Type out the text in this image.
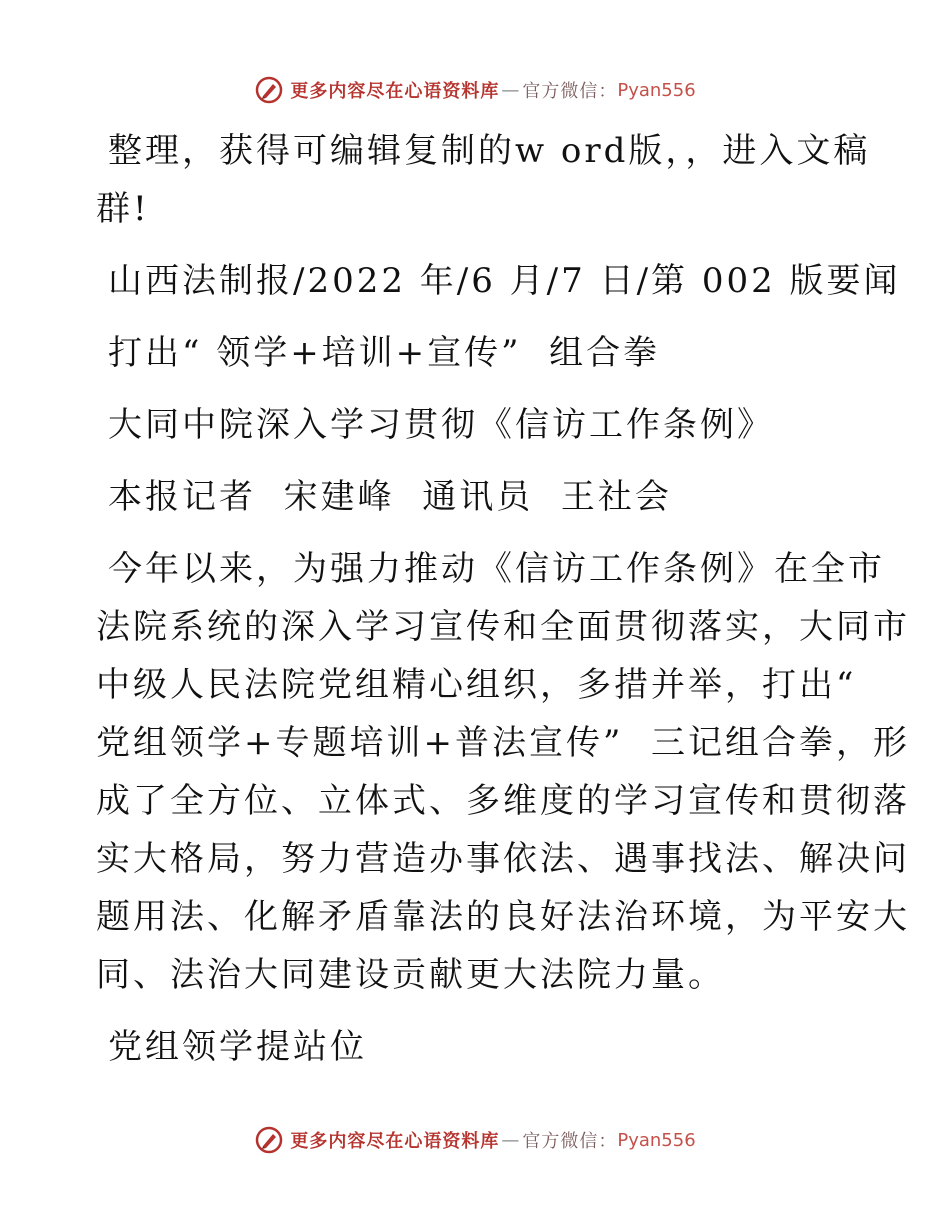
更多内容尽在心语资料库 — 官方微信： Pyan556

整理，获得可编辑复制的w ord版，，进入文稿

群!

山西法制报/2022 年/6 月/7 日/第 002 版要闻

打出“ 领学+培训+宣传”  组合拳

大同中院深入学习贯彻《信访工作条例》

本报记者  宋建峰  通讯员  王社会

今年以来，为强力推动《信访工作条例》在全市

法院系统的深入学习宣传和全面贯彻落实，大同市

中级人民法院党组精心组织，多措并举，打出“

党组领学+专题培训+普法宣传”  三记组合拳，形

成了全方位、立体式、多维度的学习宣传和贯彻落

实大格局，努力营造办事依法、遇事找法、解决问

题用法、化解矛盾靠法的良好法治环境，为平安大

同、法治大同建设贡献更大法院力量。

党组领学提站位

更多内容尽在心语资料库 — 官方微信： Pyan556
